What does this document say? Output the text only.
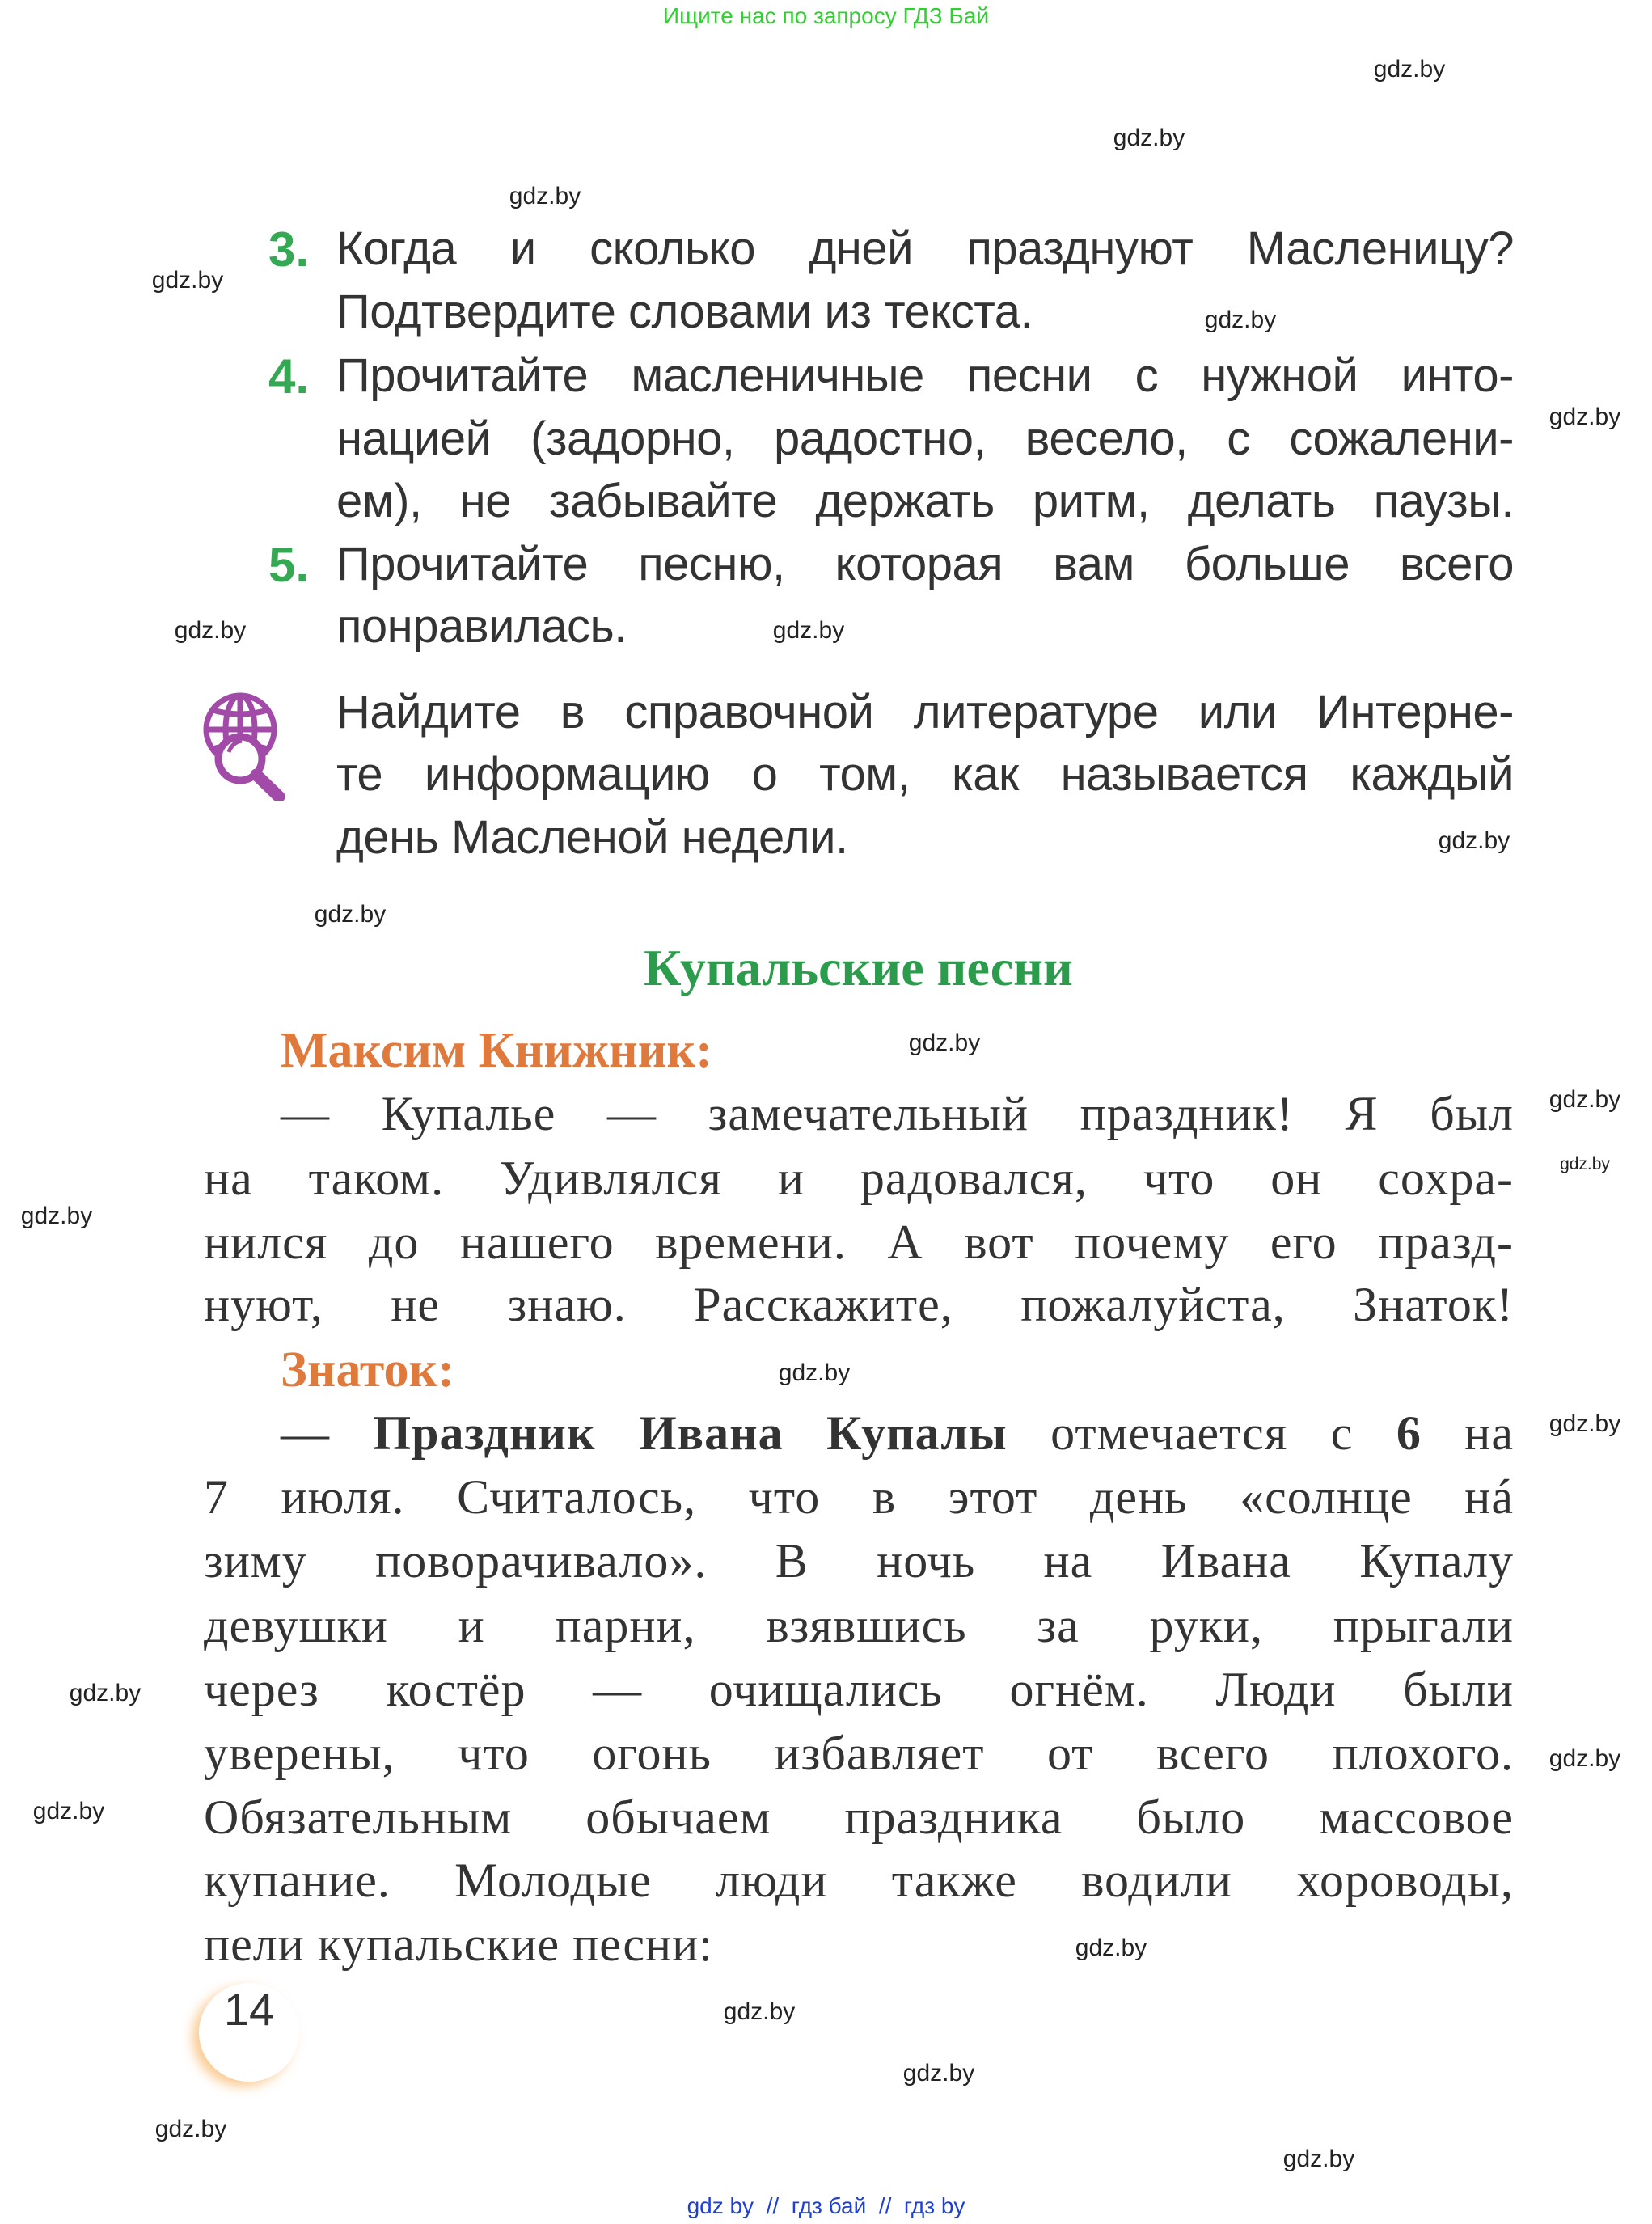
Ищите нас по запросу ГДЗ Бай
3. Когда и сколько дней празднуют Масленицу?
Подтвердите словами из текста.
4. Прочитайте масленичные песни с нужной инто-
нацией (задорно, радостно, весело, с сожалени-
ем), не забывайте держать ритм, делать паузы.
5. Прочитайте песню, которая вам больше всего
понравилась.
Найдите в справочной литературе или Интерне-
те информацию о том, как называется каждый
день Масленой недели.
Купальские песни
Максим Книжник:
— Купалье — замечательный праздник! Я был
на таком. Удивлялся и радовался, что он сохра-
нился до нашего времени. А вот почему его празд-
нуют, не знаю. Расскажите, пожалуйста, Знаток!
Знаток:
— Праздник Ивана Купалы отмечается с 6 на
7 июля. Считалось, что в этот день «солнце нá
зиму поворачивало». В ночь на Ивана Купалу
девушки и парни, взявшись за руки, прыгали
через костёр — очищались огнём. Люди были
уверены, что огонь избавляет от всего плохого.
Обязательным обычаем праздника было массовое
купание. Молодые люди также водили хороводы,
пели купальские песни:
14
gdz.by
gdz.by
gdz.by
gdz.by
gdz.by
gdz.by
gdz.by
gdz.by
gdz.by
gdz.by
gdz.by
gdz.by
gdz.by
gdz.by
gdz.by
gdz.by
gdz.by
gdz.by
gdz.by
gdz.by
gdz.by
gdz.by
gdz.by
gdz.by
gdz by  //  гдз бай  //  гдз by
